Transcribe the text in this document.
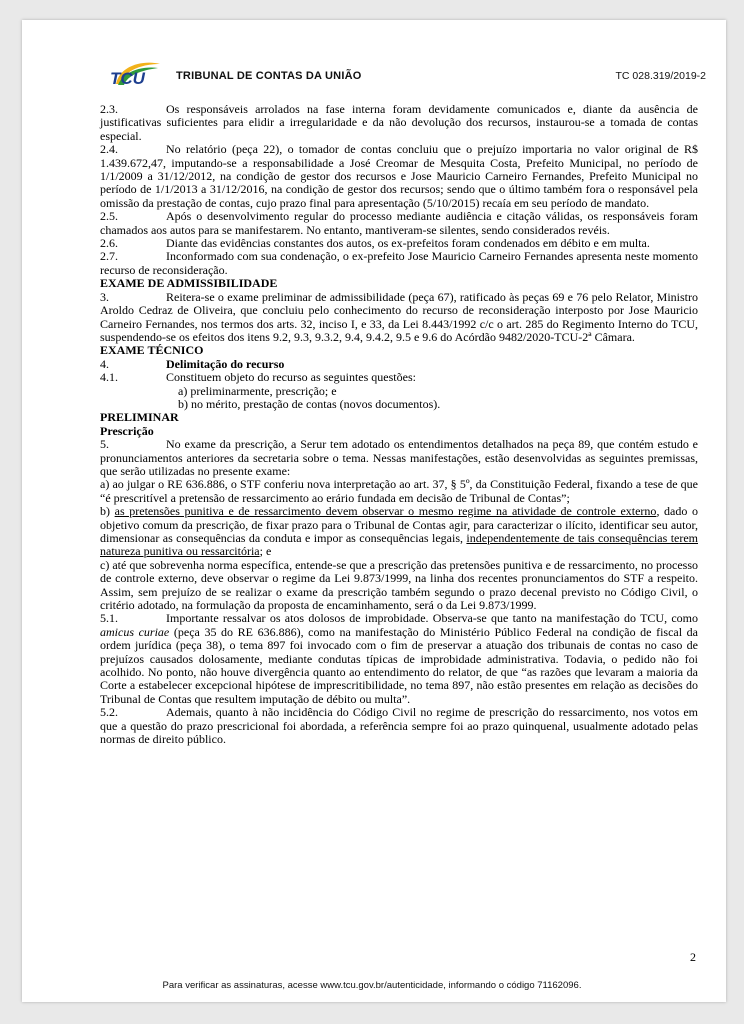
TCU	TRIBUNAL DE CONTAS DA UNIÃO	TC 028.319/2019-2

2.3.	Os responsáveis arrolados na fase interna foram devidamente comunicados e, diante da ausência de justificativas suficientes para elidir a irregularidade e da não devolução dos recursos, instaurou-se a tomada de contas especial.

2.4.	No relatório (peça 22), o tomador de contas concluiu que o prejuízo importaria no valor original de R$ 1.439.672,47, imputando-se a responsabilidade a José Creomar de Mesquita Costa, Prefeito Municipal, no período de 1/1/2009 a 31/12/2012, na condição de gestor dos recursos e Jose Mauricio Carneiro Fernandes, Prefeito Municipal no período de 1/1/2013 a 31/12/2016, na condição de gestor dos recursos; sendo que o último também fora o responsável pela omissão da prestação de contas, cujo prazo final para apresentação (5/10/2015) recaía em seu período de mandato.

2.5.	Após o desenvolvimento regular do processo mediante audiência e citação válidas, os responsáveis foram chamados aos autos para se manifestarem. No entanto, mantiveram-se silentes, sendo considerados revéis.

2.6.	Diante das evidências constantes dos autos, os ex-prefeitos foram condenados em débito e em multa.

2.7.	Inconformado com sua condenação, o ex-prefeito Jose Mauricio Carneiro Fernandes apresenta neste momento recurso de reconsideração.

EXAME DE ADMISSIBILIDADE

3.	Reitera-se o exame preliminar de admissibilidade (peça 67), ratificado às peças 69 e 76 pelo Relator, Ministro Aroldo Cedraz de Oliveira, que concluiu pelo conhecimento do recurso de reconsideração interposto por Jose Mauricio Carneiro Fernandes, nos termos dos arts. 32, inciso I, e 33, da Lei 8.443/1992 c/c o art. 285 do Regimento Interno do TCU, suspendendo-se os efeitos dos itens 9.2, 9.3, 9.3.2, 9.4, 9.4.2, 9.5 e 9.6 do Acórdão 9482/2020-TCU-2ª Câmara.

EXAME TÉCNICO

4.	Delimitação do recurso

4.1.	Constituem objeto do recurso as seguintes questões:

a) preliminarmente, prescrição; e

b) no mérito, prestação de contas (novos documentos).

PRELIMINAR

Prescrição

5.	No exame da prescrição, a Serur tem adotado os entendimentos detalhados na peça 89, que contém estudo e pronunciamentos anteriores da secretaria sobre o tema. Nessas manifestações, estão desenvolvidas as seguintes premissas, que serão utilizadas no presente exame:

a) ao julgar o RE 636.886, o STF conferiu nova interpretação ao art. 37, § 5º, da Constituição Federal, fixando a tese de que “é prescritível a pretensão de ressarcimento ao erário fundada em decisão de Tribunal de Contas”;

b) as pretensões punitiva e de ressarcimento devem observar o mesmo regime na atividade de controle externo, dado o objetivo comum da prescrição, de fixar prazo para o Tribunal de Contas agir, para caracterizar o ilícito, identificar seu autor, dimensionar as consequências da conduta e impor as consequências legais, independentemente de tais consequências terem natureza punitiva ou ressarcitória; e

c) até que sobrevenha norma específica, entende-se que a prescrição das pretensões punitiva e de ressarcimento, no processo de controle externo, deve observar o regime da Lei 9.873/1999, na linha dos recentes pronunciamentos do STF a respeito. Assim, sem prejuízo de se realizar o exame da prescrição também segundo o prazo decenal previsto no Código Civil, o critério adotado, na formulação da proposta de encaminhamento, será o da Lei 9.873/1999.

5.1.	Importante ressalvar os atos dolosos de improbidade. Observa-se que tanto na manifestação do TCU, como amicus curiae (peça 35 do RE 636.886), como na manifestação do Ministério Público Federal na condição de fiscal da ordem jurídica (peça 38), o tema 897 foi invocado com o fim de preservar a atuação dos tribunais de contas no caso de prejuízos causados dolosamente, mediante condutas típicas de improbidade administrativa. Todavia, o pedido não foi acolhido. No ponto, não houve divergência quanto ao entendimento do relator, de que “as razões que levaram a maioria da Corte a estabelecer excepcional hipótese de imprescritibilidade, no tema 897, não estão presentes em relação as decisões do Tribunal de Contas que resultem imputação de débito ou multa”.

5.2.	Ademais, quanto à não incidência do Código Civil no regime de prescrição do ressarcimento, nos votos em que a questão do prazo prescricional foi abordada, a referência sempre foi ao prazo quinquenal, usualmente adotado pelas normas de direito público.

2
Para verificar as assinaturas, acesse www.tcu.gov.br/autenticidade, informando o código 71162096.
